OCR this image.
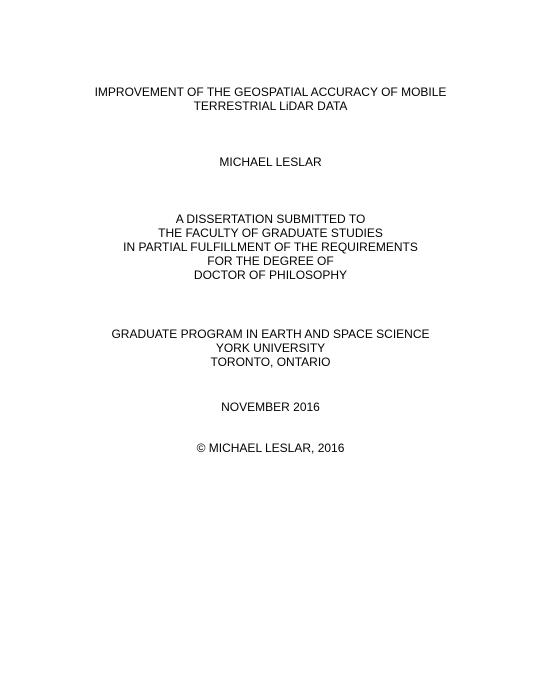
IMPROVEMENT OF THE GEOSPATIAL ACCURACY OF MOBILE
TERRESTRIAL LiDAR DATA
MICHAEL LESLAR
A DISSERTATION SUBMITTED TO
THE FACULTY OF GRADUATE STUDIES
IN PARTIAL FULFILLMENT OF THE REQUIREMENTS
FOR THE DEGREE OF
DOCTOR OF PHILOSOPHY
GRADUATE PROGRAM IN EARTH AND SPACE SCIENCE
YORK UNIVERSITY
TORONTO, ONTARIO
NOVEMBER 2016
© MICHAEL LESLAR, 2016
